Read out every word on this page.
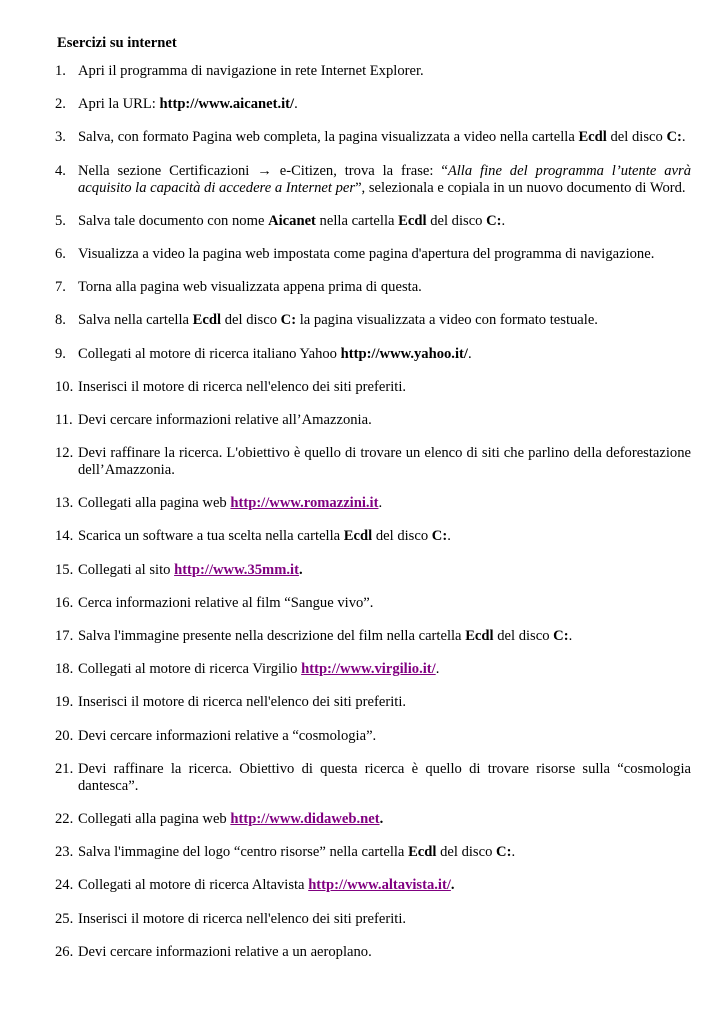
Esercizi su internet
1. Apri il programma di navigazione in rete Internet Explorer.
2. Apri la URL: http://www.aicanet.it/.
3. Salva, con formato Pagina web completa, la pagina visualizzata a video nella cartella Ecdl del disco C:.
4. Nella sezione Certificazioni → e-Citizen, trova la frase: “Alla fine del programma l’utente avrà acquisito la capacità di accedere a Internet per”, selezionala e copiala in un nuovo documento di Word.
5. Salva tale documento con nome Aicanet nella cartella Ecdl del disco C:.
6. Visualizza a video la pagina web impostata come pagina d'apertura del programma di navigazione.
7. Torna alla pagina web visualizzata appena prima di questa.
8. Salva nella cartella Ecdl del disco C: la pagina visualizzata a video con formato testuale.
9. Collegati al motore di ricerca italiano Yahoo http://www.yahoo.it/.
10. Inserisci il motore di ricerca nell'elenco dei siti preferiti.
11. Devi cercare informazioni relative all’Amazzonia.
12. Devi raffinare la ricerca. L'obiettivo è quello di trovare un elenco di siti che parlino della deforestazione dell’Amazzonia.
13. Collegati alla pagina web http://www.romazzini.it.
14. Scarica un software a tua scelta nella cartella Ecdl del disco C:.
15. Collegati al sito http://www.35mm.it.
16. Cerca informazioni relative al film “Sangue vivo”.
17. Salva l'immagine presente nella descrizione del film nella cartella Ecdl del disco C:.
18. Collegati al motore di ricerca Virgilio http://www.virgilio.it/.
19. Inserisci il motore di ricerca nell'elenco dei siti preferiti.
20. Devi cercare informazioni relative a “cosmologia”.
21. Devi raffinare la ricerca. Obiettivo di questa ricerca è quello di trovare risorse sulla “cosmologia dantesca”.
22. Collegati alla pagina web http://www.didaweb.net.
23. Salva l'immagine del logo “centro risorse” nella cartella Ecdl del disco C:.
24. Collegati al motore di ricerca Altavista http://www.altavista.it/.
25. Inserisci il motore di ricerca nell'elenco dei siti preferiti.
26. Devi cercare informazioni relative a un aeroplano.
